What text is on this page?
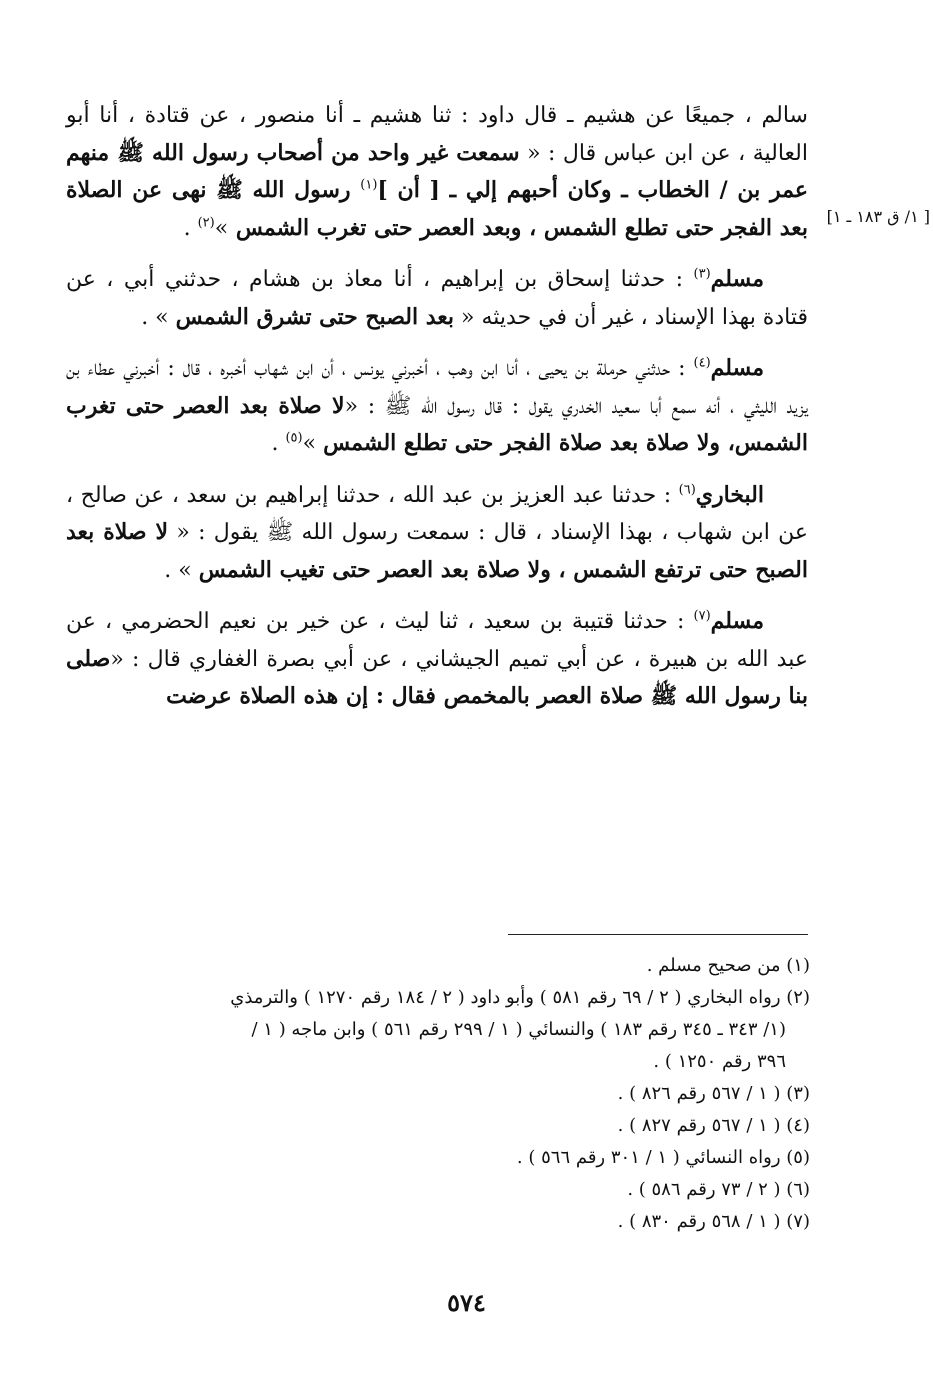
[ ١/ ق ١٨٣ ـ ١]

سالم ، جميعًا عن هشيم ـ قال داود : ثنا هشيم ـ أنا منصور ، عن قتادة ، أنا أبو العالية ، عن ابن عباس قال : « سمعت غير واحد من أصحاب رسول الله ﷺ منهم عمر بن / الخطاب ـ وكان أحبهم إلي ـ [ أن ]$^{(١)}$ رسول الله ﷺ نهى عن الصلاة بعد الفجر حتى تطلع الشمس ، وبعد العصر حتى تغرب الشمس »$^{(٢)}$ .

مسلم$^{(٣)}$ : حدثنا إسحاق بن إبراهيم ، أنا معاذ بن هشام ، حدثني أبي ، عن قتادة بهذا الإسناد ، غير أن في حديثه « بعد الصبح حتى تشرق الشمس » .

مسلم$^{(٤)}$ : حدثني حرملة بن يحيى ، أنا ابن وهب ، أخبرني يونس ، أن ابن شهاب أخبره ، قال : أخبرني عطاء بن يزيد الليثي ، أنه سمع أبا سعيد الخدري يقول : قال رسول الله ﷺ : «لا صلاة بعد العصر حتى تغرب الشمس، ولا صلاة بعد صلاة الفجر حتى تطلع الشمس »$^{(٥)}$ .

البخاري$^{(٦)}$ : حدثنا عبد العزيز بن عبد الله ، حدثنا إبراهيم بن سعد ، عن صالح ، عن ابن شهاب ، بهذا الإسناد ، قال : سمعت رسول الله ﷺ يقول : « لا صلاة بعد الصبح حتى ترتفع الشمس ، ولا صلاة بعد العصر حتى تغيب الشمس » .

مسلم$^{(٧)}$ : حدثنا قتيبة بن سعيد ، ثنا ليث ، عن خير بن نعيم الحضرمي ، عن عبد الله بن هبيرة ، عن أبي تميم الجيشاني ، عن أبي بصرة الغفاري قال : «صلى بنا رسول الله ﷺ صلاة العصر بالمخمص فقال : إن هذه الصلاة عرضت

(١) من صحيح مسلم .

(٢) رواه البخاري ( ٢ / ٦٩ رقم ٥٨١ ) وأبو داود ( ٢ / ١٨٤ رقم ١٢٧٠ ) والترمذي

(١/ ٣٤٣ ـ ٣٤٥ رقم ١٨٣ ) والنسائي ( ١ / ٢٩٩ رقم ٥٦١ ) وابن ماجه ( ١ /

٣٩٦ رقم ١٢٥٠ ) .

(٣) ( ١ / ٥٦٧ رقم ٨٢٦ ) .

(٤) ( ١ / ٥٦٧ رقم ٨٢٧ ) .

(٥) رواه النسائي ( ١ / ٣٠١ رقم ٥٦٦ ) .

(٦) ( ٢ / ٧٣ رقم ٥٨٦ ) .

(٧) ( ١ / ٥٦٨ رقم ٨٣٠ ) .

٥٧٤
